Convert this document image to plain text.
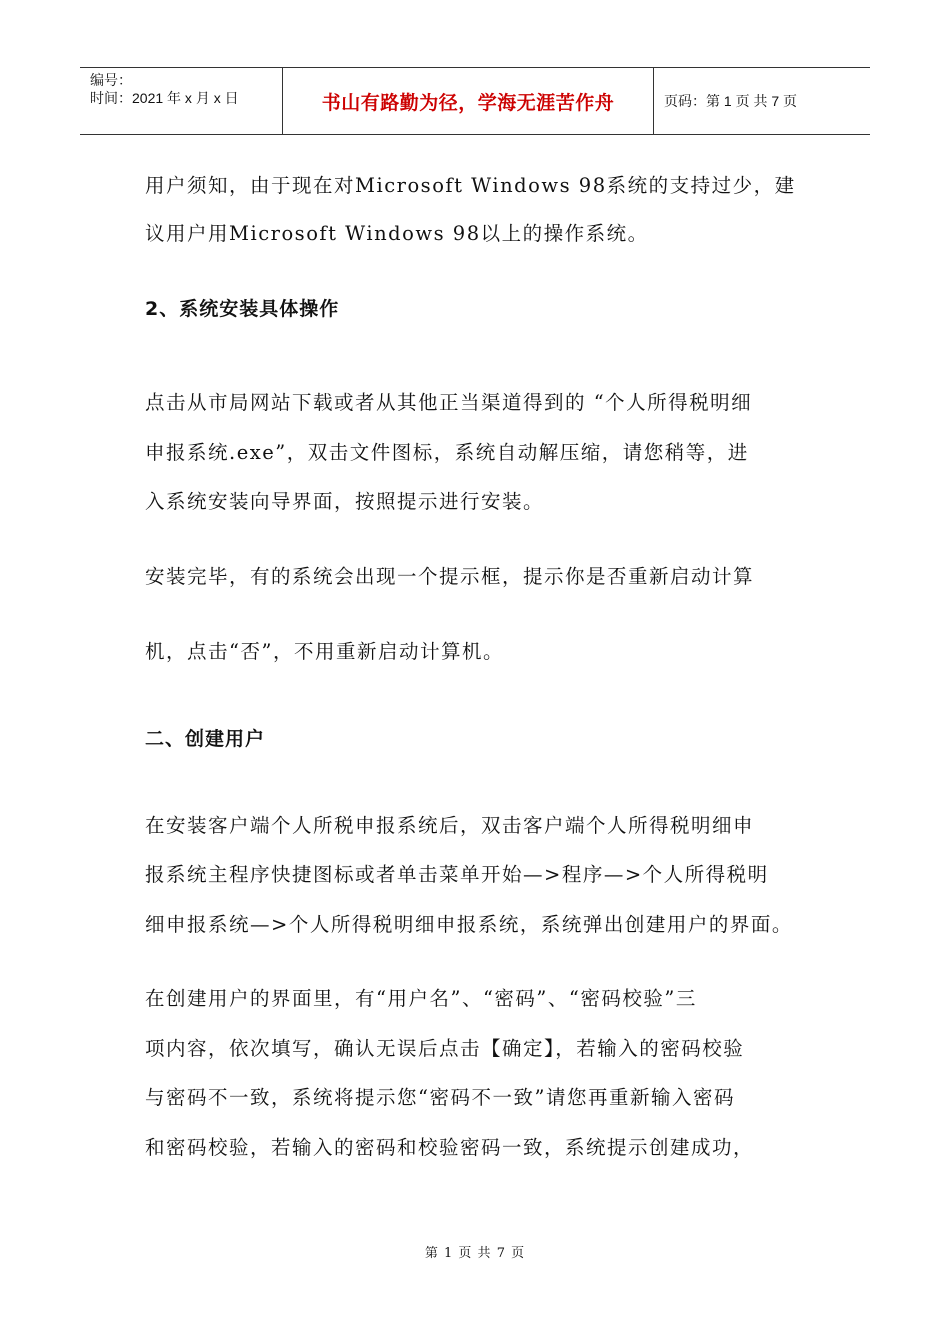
编号：
时间：2021 年 x 月 x 日	书山有路勤为径，学海无涯苦作舟	页码：第 1 页 共 7 页
用户须知，由于现在对Microsoft Windows 98系统的支持过少，建
议用户用Microsoft Windows 98以上的操作系统。
2、系统安装具体操作
点击从市局网站下载或者从其他正当渠道得到的 “个人所得税明细
申报系统.exe”，双击文件图标，系统自动解压缩，请您稍等，进
入系统安装向导界面，按照提示进行安装。
安装完毕，有的系统会出现一个提示框，提示你是否重新启动计算
机，点击“否”，不用重新启动计算机。
二、创建用户
在安装客户端个人所税申报系统后，双击客户端个人所得税明细申
报系统主程序快捷图标或者单击菜单开始—>程序—>个人所得税明
细申报系统—>个人所得税明细申报系统，系统弹出创建用户的界面。
在创建用户的界面里，有“用户名”、“密码”、“密码校验”三
项内容，依次填写，确认无误后点击【确定】，若输入的密码校验
与密码不一致，系统将提示您“密码不一致”请您再重新输入密码
和密码校验，若输入的密码和校验密码一致，系统提示创建成功，
第 1 页 共 7 页
